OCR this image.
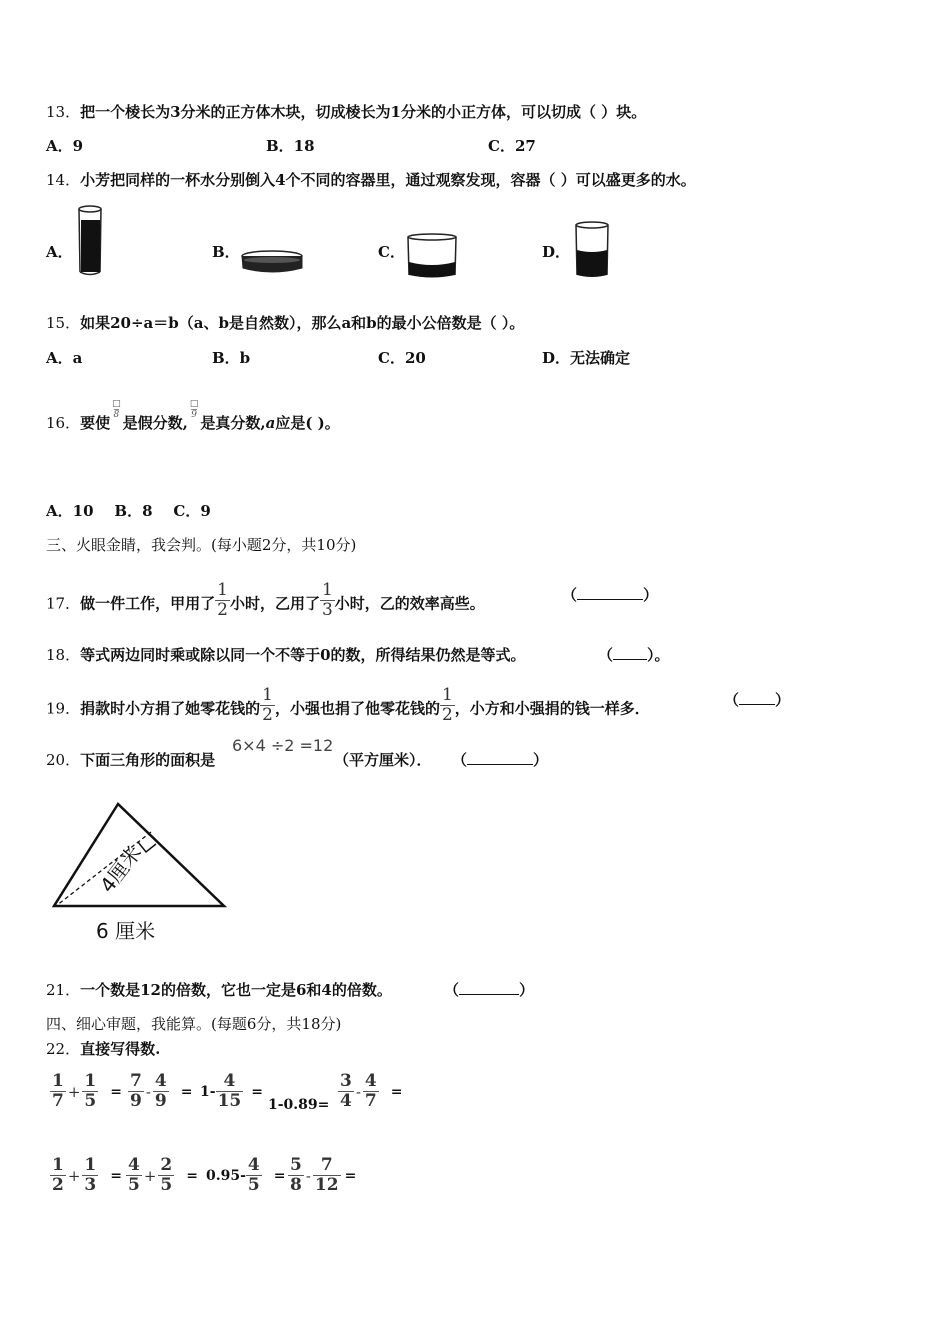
13．把一个棱长为3分米的正方体木块，切成棱长为1分米的小正方体，可以切成（ ）块。
A．9	B．18	C．27
14．小芳把同样的一杯水分别倒入4个不同的容器里，通过观察发现，容器（ ）可以盛更多的水。
A．	B．	C．	D．
15．如果20÷a＝b（a、b是自然数），那么a和b的最小公倍数是（ ）。
A．a	B．b	C．20	D．无法确定
16．要使
□
8 是假分数,
□
9 是真分数,a应是( )。
A．10    B．8    C．9
三、火眼金睛，我会判。(每小题2分，共10分)
17．做一件工作，甲用了 $\frac{1}{2}$ 小时，乙用了 $\frac{1}{3}$ 小时，乙的效率高些。	（	）
18．等式两边同时乘或除以同一个不等于0的数，所得结果仍然是等式。	（ ）。
19．捐款时小方捐了她零花钱的 $\frac{1}{2}$ ，小强也捐了他零花钱的 $\frac{1}{2}$ ，小方和小强捐的钱一样多．	（ ）
20．下面三角形的面积是
6×4 ÷2 =12
（平方厘米）． （	）
4厘米
6 厘米
21．一个数是12的倍数，它也一定是6和4的倍数。	（	）
四、细心审题，我能算。(每题6分，共18分)
22．直接写得数.
$\frac{1}{7} + \frac{1}{5} = \frac{7}{9} - \frac{4}{9} = 1- \frac{4}{15}$ =
$1-0.89= \frac{3}{4} - \frac{4}{7}$ =
$\frac{1}{2} + \frac{1}{3} = \frac{4}{5} + \frac{2}{5} = 0.95- \frac{4}{5} = \frac{5}{8} - \frac{7}{12}$ =
